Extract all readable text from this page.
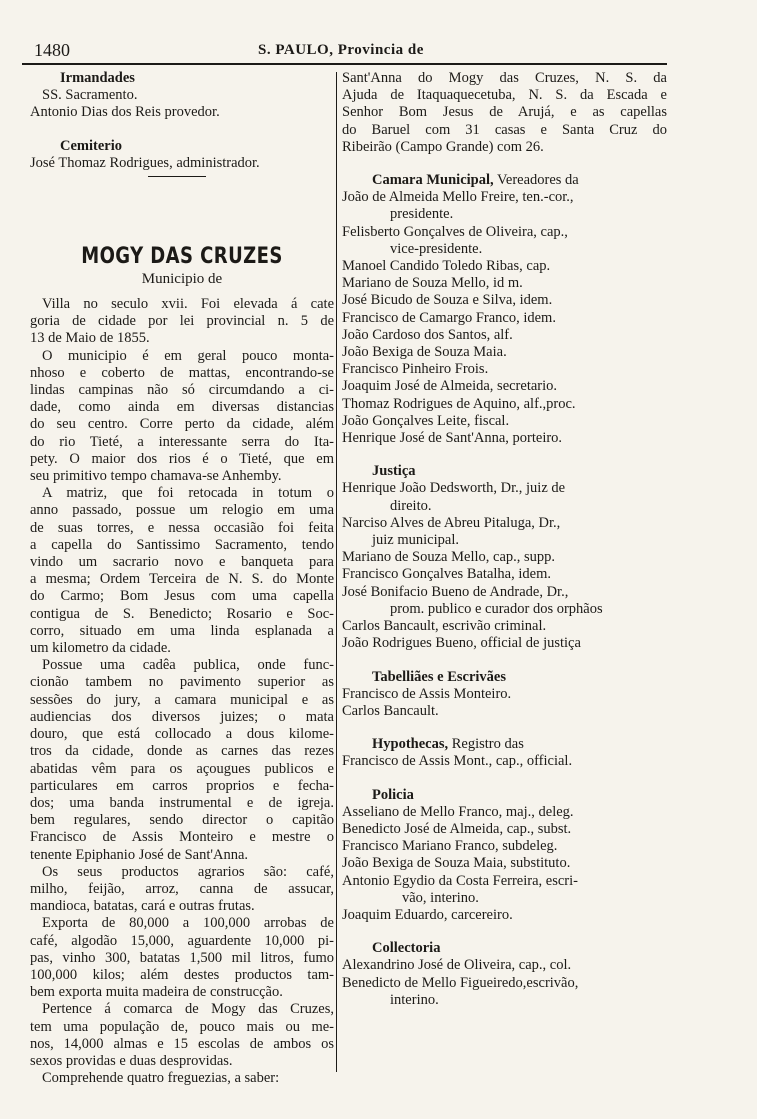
1480	S. PAULO, Provincia de
Irmandades
SS. Sacramento.
Antonio Dias dos Reis provedor.
Cemiterio
José Thomaz Rodrigues, administrador.
MOGY DAS CRUZES
Municipio de
Villa no seculo xvii. Foi elevada á cate
goria de cidade por lei provincial n. 5 de
13 de Maio de 1855.
O municipio é em geral pouco monta-
nhoso e coberto de mattas, encontrando-se
lindas campinas não só circumdando a ci-
dade, como ainda em diversas distancias
do seu centro. Corre perto da cidade, além
do rio Tieté, a interessante serra do Ita-
pety. O maior dos rios é o Tieté, que em
seu primitivo tempo chamava-se Anhemby.
A matriz, que foi retocada in totum o
anno passado, possue um relogio em uma
de suas torres, e nessa occasião foi feita
a capella do Santissimo Sacramento, tendo
vindo um sacrario novo e banqueta para
a mesma; Ordem Terceira de N. S. do Monte
do Carmo; Bom Jesus com uma capella
contigua de S. Benedicto; Rosario e Soc-
corro, situado em uma linda esplanada a
um kilometro da cidade.
Possue uma cadêa publica, onde func-
cionão tambem no pavimento superior as
sessões do jury, a camara municipal e as
audiencias dos diversos juizes; o mata
douro, que está collocado a dous kilome-
tros da cidade, donde as carnes das rezes
abatidas vêm para os açougues publicos e
particulares em carros proprios e fecha-
dos; uma banda instrumental e de igreja.
bem regulares, sendo director o capitão
Francisco de Assis Monteiro e mestre o
tenente Epiphanio José de Sant'Anna.
Os seus productos agrarios são: café,
milho, feijão, arroz, canna de assucar,
mandioca, batatas, cará e outras frutas.
Exporta de 80,000 a 100,000 arrobas de
café, algodão 15,000, aguardente 10,000 pi-
pas, vinho 300, batatas 1,500 mil litros, fumo
100,000 kilos; além destes productos tam-
bem exporta muita madeira de construcção.
Pertence á comarca de Mogy das Cruzes,
tem uma população de, pouco mais ou me-
nos, 14,000 almas e 15 escolas de ambos os
sexos providas e duas desprovidas.
Comprehende quatro freguezias, a saber:
Sant'Anna do Mogy das Cruzes, N. S. da
Ajuda de Itaquaquecetuba, N. S. da Escada e
Senhor Bom Jesus de Arujá, e as capellas
do Baruel com 31 casas e Santa Cruz do
Ribeirão (Campo Grande) com 26.
Camara Municipal, Vereadores da
João de Almeida Mello Freire, ten.-cor.,
presidente.
Felisberto Gonçalves de Oliveira, cap.,
vice-presidente.
Manoel Candido Toledo Ribas, cap.
Mariano de Souza Mello, id m.
José Bicudo de Souza e Silva, idem.
Francisco de Camargo Franco, idem.
João Cardoso dos Santos, alf.
João Bexiga de Souza Maia.
Francisco Pinheiro Frois.
Joaquim José de Almeida, secretario.
Thomaz Rodrigues de Aquino, alf.,proc.
João Gonçalves Leite, fiscal.
Henrique José de Sant'Anna, porteiro.
Justiça
Henrique João Dedsworth, Dr., juiz de
direito.
Narciso Alves de Abreu Pitaluga, Dr.,
juiz municipal.
Mariano de Souza Mello, cap., supp.
Francisco Gonçalves Batalha, idem.
José Bonifacio Bueno de Andrade, Dr.,
prom. publico e curador dos orphãos
Carlos Bancault, escrivão criminal.
João Rodrigues Bueno, official de justiça
Tabelliães e Escrivães
Francisco de Assis Monteiro.
Carlos Bancault.
Hypothecas, Registro das
Francisco de Assis Mont., cap., official.
Policia
Asseliano de Mello Franco, maj., deleg.
Benedicto José de Almeida, cap., subst.
Francisco Mariano Franco, subdeleg.
João Bexiga de Souza Maia, substituto.
Antonio Egydio da Costa Ferreira, escri-
vão, interino.
Joaquim Eduardo, carcereiro.
Collectoria
Alexandrino José de Oliveira, cap., col.
Benedicto de Mello Figueiredo,escrivão,
interino.
